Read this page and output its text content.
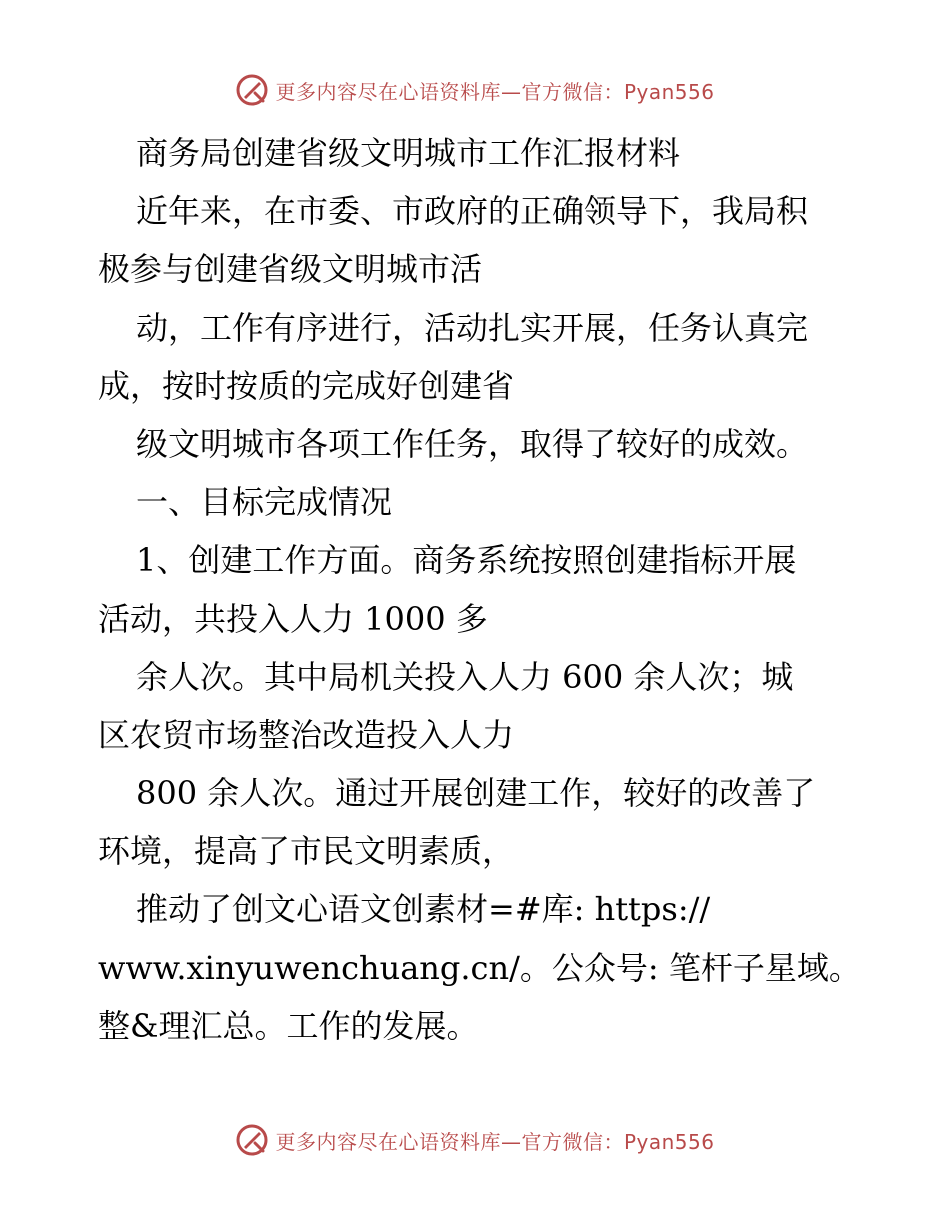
更多内容尽在心语资料库—官方微信：Pyan556
商务局创建省级文明城市工作汇报材料
近年来，在市委、市政府的正确领导下，我局积
极参与创建省级文明城市活
动，工作有序进行，活动扎实开展，任务认真完
成，按时按质的完成好创建省
级文明城市各项工作任务，取得了较好的成效。
一、目标完成情况
1、创建工作方面。商务系统按照创建指标开展
活动，共投入人力 1000 多
余人次。其中局机关投入人力 600 余人次；城
区农贸市场整治改造投入人力
800 余人次。通过开展创建工作，较好的改善了
环境，提高了市民文明素质，
推动了创文心语文创素材=#库: https://
www.xinyuwenchuang.cn/。公众号: 笔杆子星域。
整&理汇总。工作的发展。
更多内容尽在心语资料库—官方微信：Pyan556
